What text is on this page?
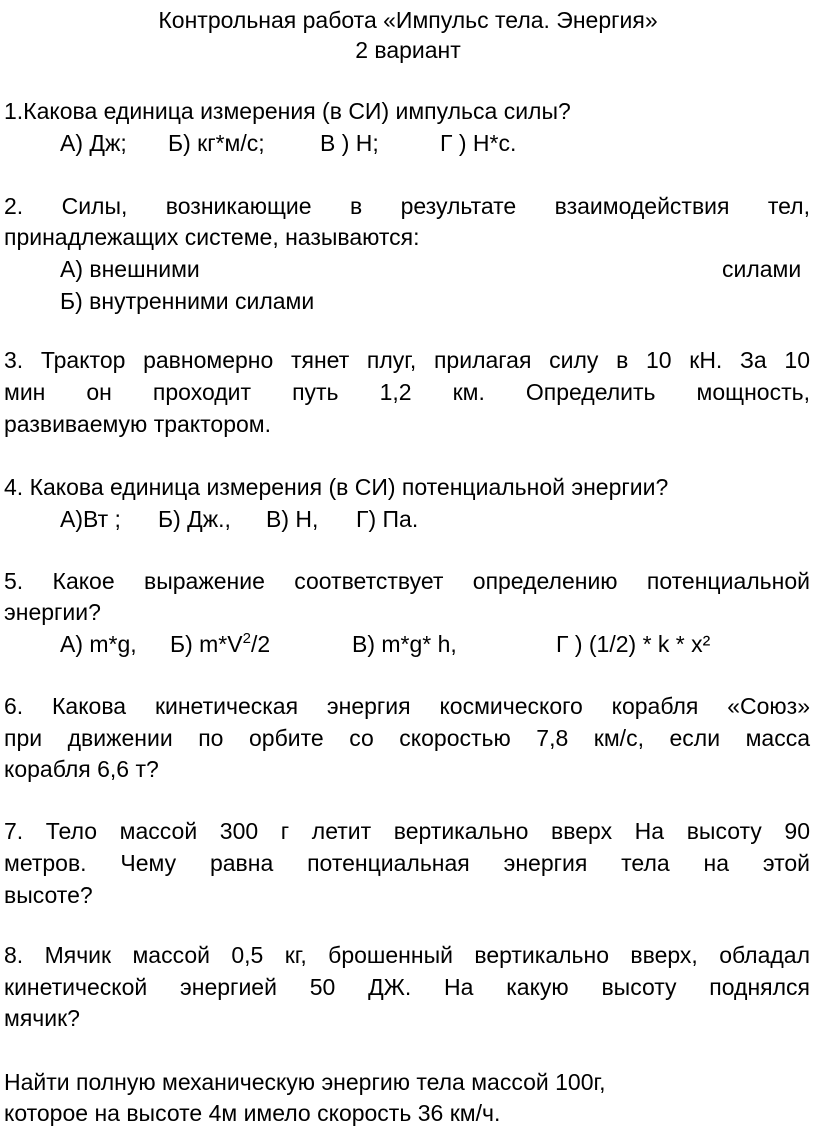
Контрольная работа «Импульс тела. Энергия»
2 вариант
1.Какова единица измерения (в СИ) импульса силы?
А) Дж; Б) кг*м/с; В ) Н;	Г ) Н*с.
2. Силы, возникающие в результате взаимодействия тел,
принадлежащих системе, называются:
А) внешними	силами
Б) внутренними силами
3. Трактор равномерно тянет плуг, прилагая силу в 10 кН. За 10
мин он проходит путь 1,2 км. Определить мощность,
развиваемую трактором.
4. Какова единица измерения (в СИ) потенциальной энергии?
А)Вт ; Б) Дж., В) Н, Г) Па.
5. Какое выражение соответствует определению потенциальной
энергии?
А) m*g, Б) $m*V^2/2$	В) m*g* h,	Г ) (1/2) * k * x²
6. Какова кинетическая энергия космического корабля «Союз»
при движении по орбите со скоростью 7,8 км/с, если масса
корабля 6,6 т?
7. Тело массой 300 г летит вертикально вверх На высоту 90
метров. Чему равна потенциальная энергия тела на этой
высоте?
8. Мячик массой 0,5 кг, брошенный вертикально вверх, обладал
кинетической энергией 50 ДЖ. На какую высоту поднялся
мячик?
Найти полную механическую энергию тела массой 100г,
которое на высоте 4м имело скорость 36 км/ч.
